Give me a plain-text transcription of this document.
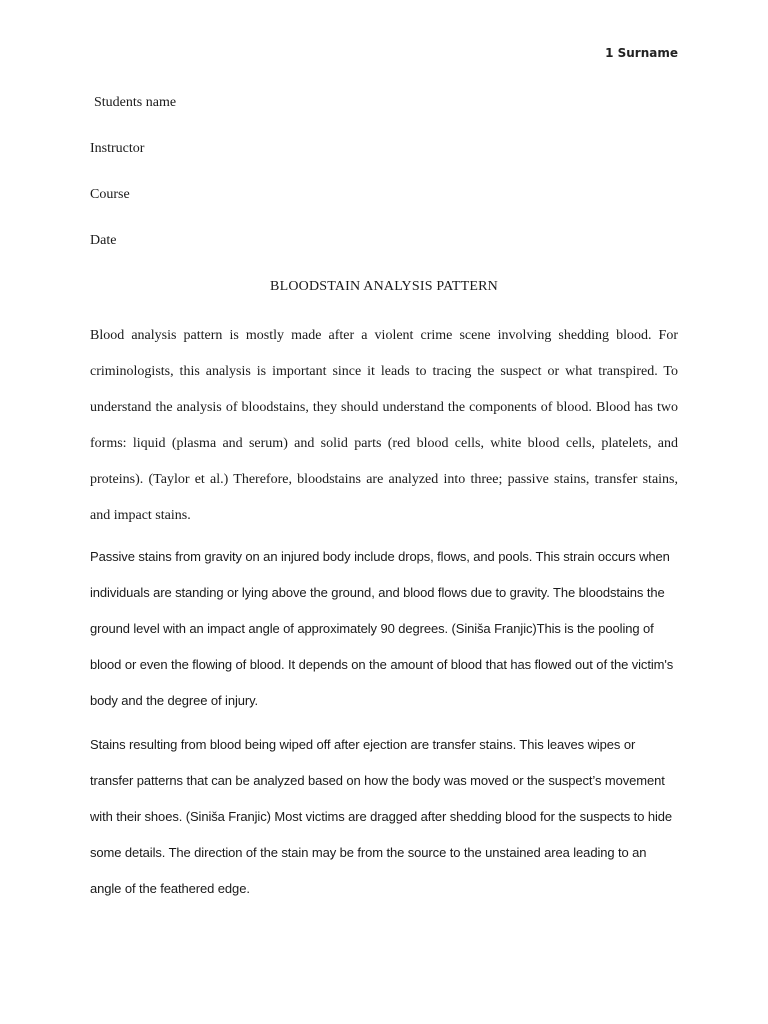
1 Surname
Students name
Instructor
Course
Date
BLOODSTAIN ANALYSIS PATTERN

Blood analysis pattern is mostly made after a violent crime scene involving shedding blood. For criminologists, this analysis is important since it leads to tracing the suspect or what transpired. To understand the analysis of bloodstains, they should understand the components of blood. Blood has two forms: liquid (plasma and serum) and solid parts (red blood cells, white blood cells, platelets, and proteins). (Taylor et al.) Therefore, bloodstains are analyzed into three; passive stains, transfer stains, and impact stains.

Passive stains from gravity on an injured body include drops, flows, and pools. This strain occurs when individuals are standing or lying above the ground, and blood flows due to gravity. The bloodstains the ground level with an impact angle of approximately 90 degrees. (Siniša Franjic)This is the pooling of blood or even the flowing of blood. It depends on the amount of blood that has flowed out of the victim's body and the degree of injury.

Stains resulting from blood being wiped off after ejection are transfer stains. This leaves wipes or transfer patterns that can be analyzed based on how the body was moved or the suspect’s movement with their shoes. (Siniša Franjic) Most victims are dragged after shedding blood for the suspects to hide some details. The direction of the stain may be from the source to the unstained area leading to an angle of the feathered edge.
